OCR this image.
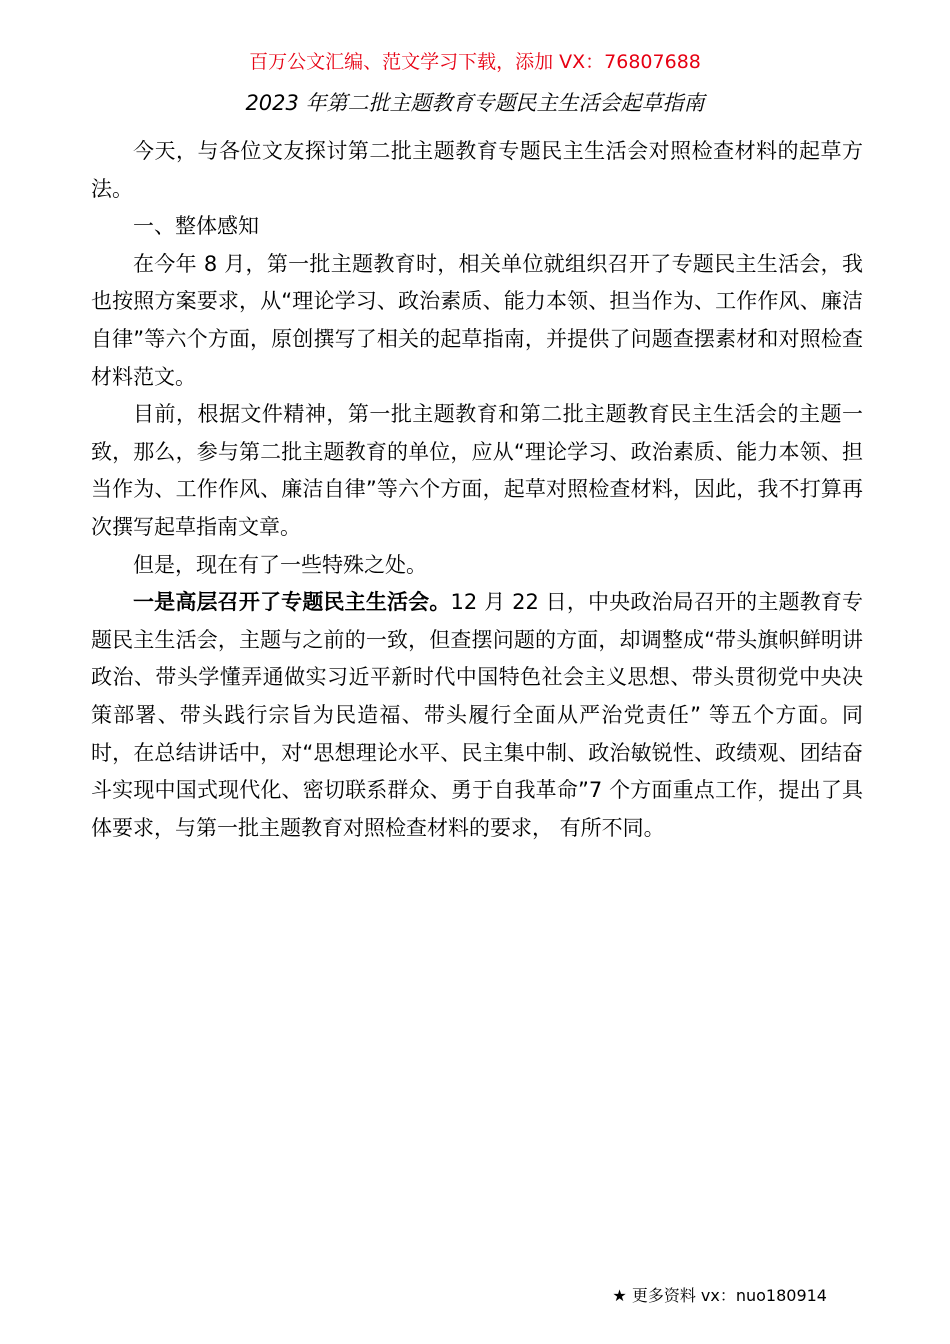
百万公文汇编、范文学习下载，添加 VX：76807688
2023 年第二批主题教育专题民主生活会起草指南

今天，与各位文友探讨第二批主题教育专题民主生活会对照检查材料的起草方法。

一、整体感知

在今年 8 月，第一批主题教育时，相关单位就组织召开了专题民主生活会，我也按照方案要求，从“理论学习、政治素质、能力本领、担当作为、工作作风、廉洁自律”等六个方面，原创撰写了相关的起草指南，并提供了问题查摆素材和对照检查材料范文。

目前，根据文件精神，第一批主题教育和第二批主题教育民主生活会的主题一致，那么，参与第二批主题教育的单位，应从“理论学习、政治素质、能力本领、担当作为、工作作风、廉洁自律”等六个方面，起草对照检查材料，因此，我不打算再次撰写起草指南文章。

但是，现在有了一些特殊之处。

一是高层召开了专题民主生活会。12 月 22 日，中央政治局召开的主题教育专题民主生活会，主题与之前的一致，但查摆问题的方面，却调整成“带头旗帜鲜明讲政治、带头学懂弄通做实习近平新时代中国特色社会主义思想、带头贯彻党中央决策部署、带头践行宗旨为民造福、带头履行全面从严治党责任” 等五个方面。同时，在总结讲话中，对“思想理论水平、民主集中制、政治敏锐性、政绩观、团结奋斗实现中国式现代化、密切联系群众、勇于自我革命”7 个方面重点工作，提出了具体要求，与第一批主题教育对照检查材料的要求， 有所不同。

★ 更多资料 vx：nuo180914
